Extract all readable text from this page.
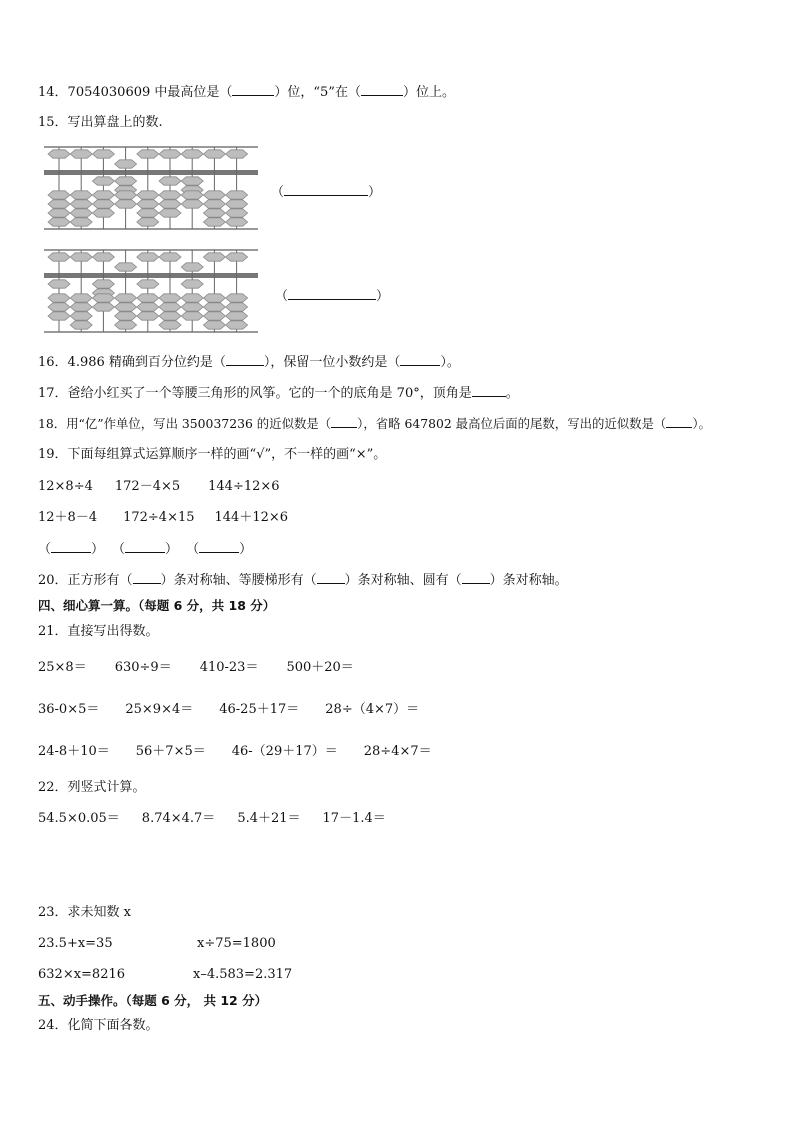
14．7054030609 中最高位是（	）位，“5”在（	）位上。
15．写出算盘上的数.
（	）
（	）
16．4.986 精确到百分位约是（	），保留一位小数约是（	）。
17．爸给小红买了一个等腰三角形的风筝。它的一个的底角是 70°，顶角是	。
18．用“亿”作单位，写出 350037236 的近似数是（ ），省略 647802 最高位后面的尾数，写出的近似数是（ ）。
19．下面每组算式运算顺序一样的画“√”，不一样的画“×”。
12×8÷4 172－4×5 144÷12×6
12＋8－4 172÷4×15 144＋12×6
（	） （	） （	）
20．正方形有（ ）条对称轴、等腰梯形有（ ）条对称轴、圆有（ ）条对称轴。
四、细心算一算。（每题 6 分，共 18 分）
21．直接写出得数。
25×8＝ 630÷9＝ 410-23＝ 500＋20＝
36-0×5＝ 25×9×4＝ 46-25＋17＝ 28÷（4×7）＝
24-8＋10＝ 56＋7×5＝ 46-（29＋17）＝ 28÷4×7＝
22．列竖式计算。
54.5×0.05＝ 8.74×4.7＝ 5.4＋21＝ 17－1.4＝
23．求未知数 x
23.5+x=35	x÷75=1800
632×x=8216	x–4.583=2.317
五、动手操作。（每题 6 分， 共 12 分）
24．化简下面各数。
